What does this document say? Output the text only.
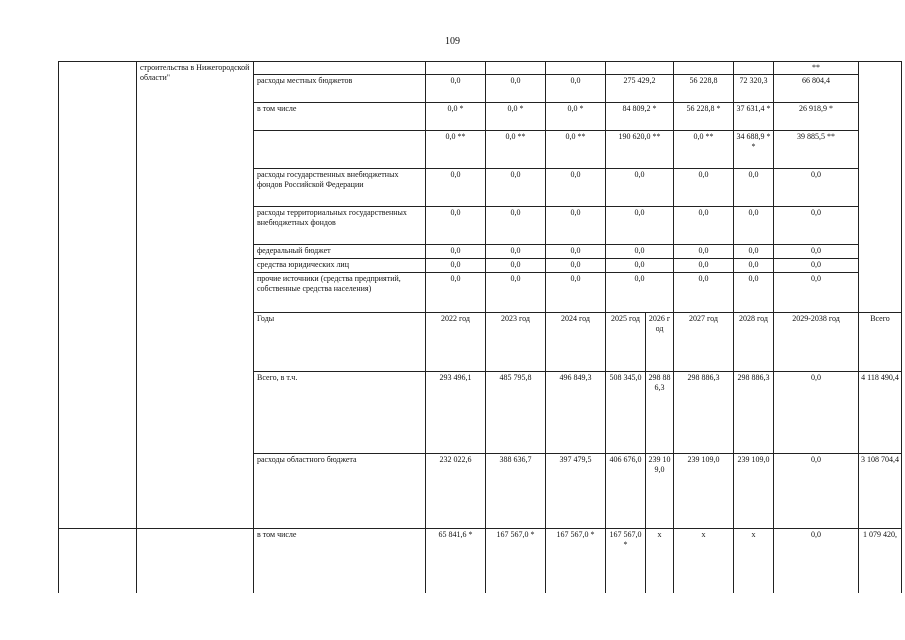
109
	строительства в Нижегородской области"									**	
		расходы местных бюджетов	0,0	0,0	0,0	275 429,2		56 228,8	72 320,3	66 804,4	
		в том числе	0,0 *	0,0 *	0,0 *	84 809,2 *		56 228,8 *	37 631,4 *	26 918,9 *	
			0,0 **	0,0 **	0,0 **	190 620,0 **		0,0 **	34 688,9 **	39 885,5 **	
		расходы государственных внебюджетных фондов Российской Федерации	0,0	0,0	0,0	0,0		0,0	0,0	0,0	
		расходы территориальных государственных внебюджетных фондов	0,0	0,0	0,0	0,0		0,0	0,0	0,0	
		федеральный бюджет	0,0	0,0	0,0	0,0		0,0	0,0	0,0	
		средства юридических лиц	0,0	0,0	0,0	0,0		0,0	0,0	0,0	
		прочие источники (средства предприятий, собственные средства населения)	0,0	0,0	0,0	0,0		0,0	0,0	0,0	
		Годы	2022 год	2023 год	2024 год	2025 год	2026 год	2027 год	2028 год	2029-2038 год	Всего
		Всего, в т.ч.	293 496,1	485 795,8	496 849,3	508 345,0	298 886,3	298 886,3	298 886,3	0,0	4 118 490,4
		расходы областного бюджета	232 022,6	388 636,7	397 479,5	406 676,0	239 109,0	239 109,0	239 109,0	0,0	3 108 704,4
		в том числе	65 841,6 *	167 567,0 *	167 567,0 *	167 567,0 *	x	x	x	0,0	1 079 420,
